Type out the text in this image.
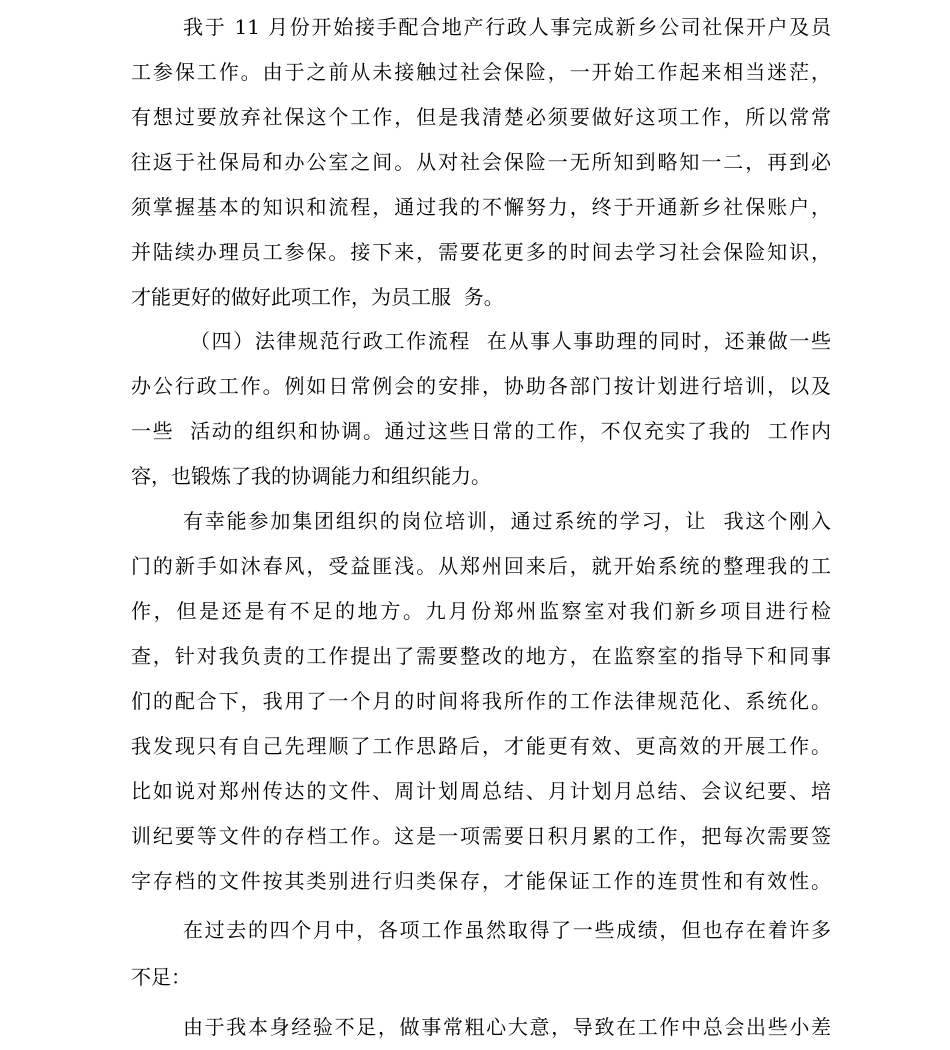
我于 11 月份开始接手配合地产行政人事完成新乡公司社保开户及员
工参保工作。由于之前从未接触过社会保险，一开始工作起来相当迷茫，
有想过要放弃社保这个工作，但是我清楚必须要做好这项工作，所以常常
往返于社保局和办公室之间。从对社会保险一无所知到略知一二，再到必
须掌握基本的知识和流程，通过我的不懈努力，终于开通新乡社保账户，
并陆续办理员工参保。接下来，需要花更多的时间去学习社会保险知识，
才能更好的做好此项工作，为员工服  务。
（四）法律规范行政工作流程  在从事人事助理的同时，还兼做一些
办公行政工作。例如日常例会的安排，协助各部门按计划进行培训，以及
一些  活动的组织和协调。通过这些日常的工作，不仅充实了我的  工作内
容，也锻炼了我的协调能力和组织能力。
有幸能参加集团组织的岗位培训，通过系统的学习，让  我这个刚入
门的新手如沐春风，受益匪浅。从郑州回来后，就开始系统的整理我的工
作，但是还是有不足的地方。九月份郑州监察室对我们新乡项目进行检
查，针对我负责的工作提出了需要整改的地方，在监察室的指导下和同事
们的配合下，我用了一个月的时间将我所作的工作法律规范化、系统化。
我发现只有自己先理顺了工作思路后，才能更有效、更高效的开展工作。
比如说对郑州传达的文件、周计划周总结、月计划月总结、会议纪要、培
训纪要等文件的存档工作。这是一项需要日积月累的工作，把每次需要签
字存档的文件按其类别进行归类保存，才能保证工作的连贯性和有效性。
在过去的四个月中，各项工作虽然取得了一些成绩，但也存在着许多
不足：
由于我本身经验不足，做事常粗心大意，导致在工作中总会出些小差
